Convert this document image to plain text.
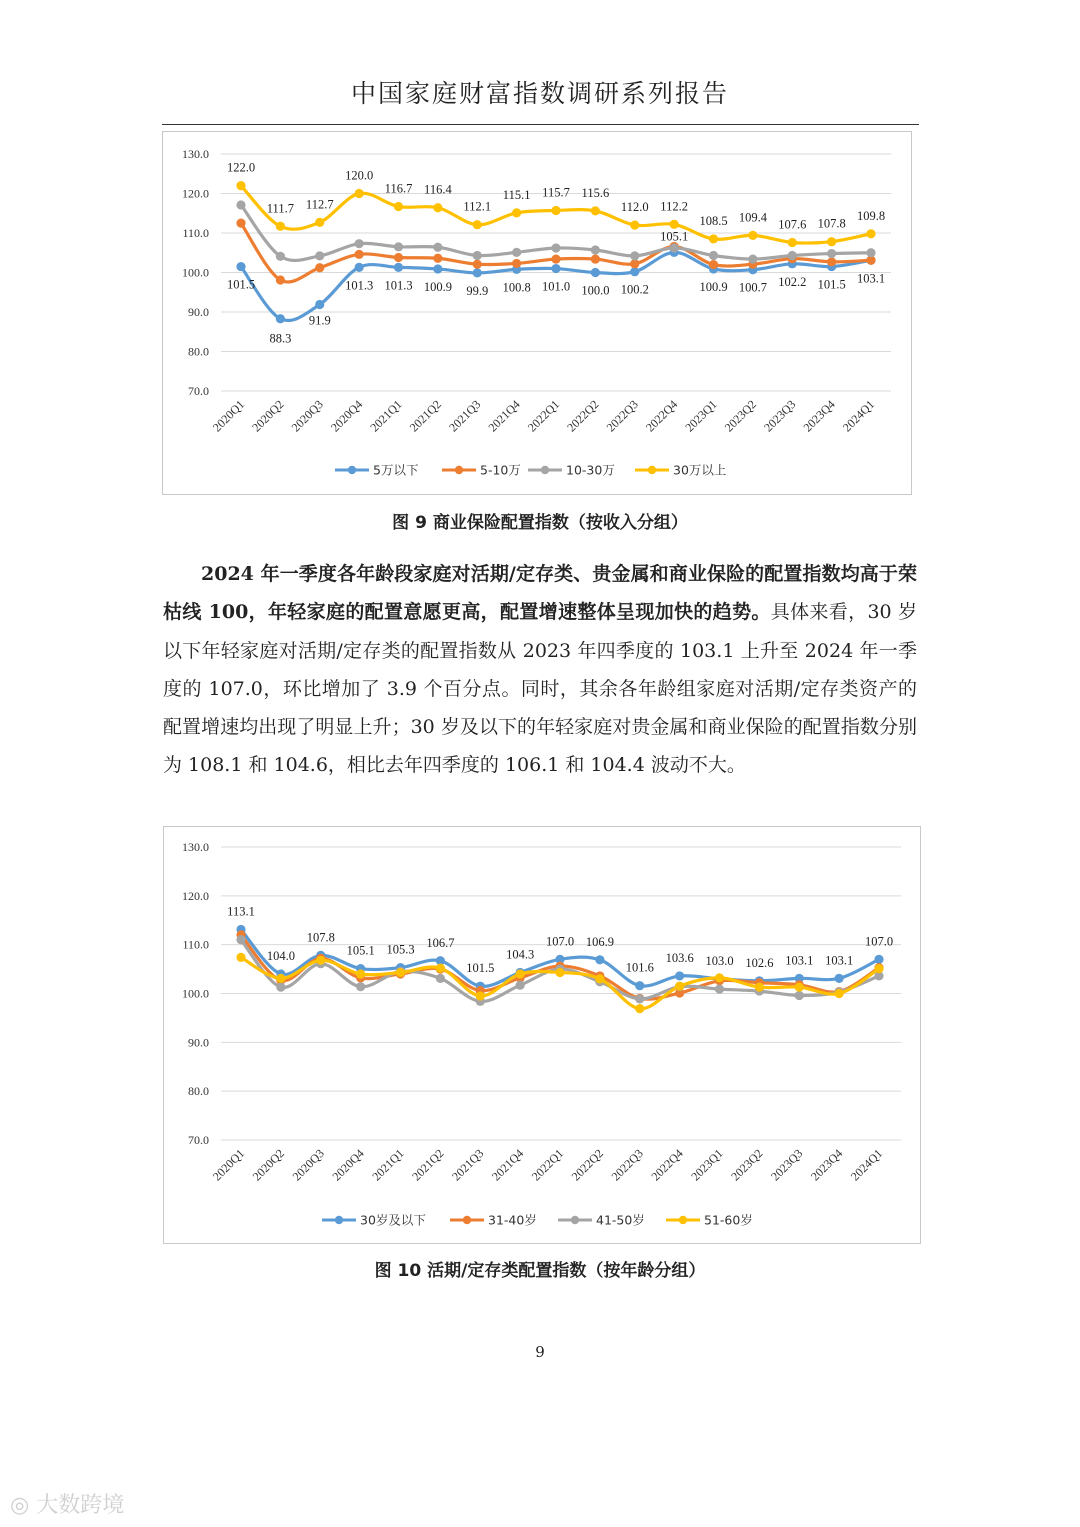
中国家庭财富指数调研系列报告
130.0
120.0
110.0
100.0
90.0
80.0
70.0
2020Q1 2020Q2 2020Q3 2020Q4 2021Q1 2021Q2 2021Q3 2021Q4 2022Q1 2022Q2 2022Q3 2022Q4 2023Q1 2023Q2 2023Q3 2023Q4 2024Q1
101.5
88.3
91.9
101.3 101.3 100.9 99.9 100.8 101.0 100.0 100.2
105.1
100.9 100.7 102.2 101.5 103.1
122.0
111.7 112.7
120.0
116.7 116.4
112.1
115.1 115.7 115.6
112.0 112.2
108.5 109.4
107.6 107.8
109.8
5万以下	5-10万	10-30万	30万以上
图 9 商业保险配置指数（按收入分组）
2024 年一季度各年龄段家庭对活期/定存类、贵金属和商业保险的配置指数均高于荣枯线 100，年轻家庭的配置意愿更高，配置增速整体呈现加快的趋势。具体来看，30 岁以下年轻家庭对活期/定存类的配置指数从 2023 年四季度的 103.1 上升至 2024 年一季度的 107.0，环比增加了 3.9 个百分点。同时，其余各年龄组家庭对活期/定存类资产的配置增速均出现了明显上升；30 岁及以下的年轻家庭对贵金属和商业保险的配置指数分别为 108.1 和 104.6，相比去年四季度的 106.1 和 104.4 波动不大。
130.0
120.0
110.0
100.0
90.0
80.0
70.0
2020Q1 2020Q2 2020Q3 2020Q4 2021Q1 2021Q2 2021Q3 2021Q4 2022Q1 2022Q2 2022Q3 2022Q4 2023Q1 2023Q2 2023Q3 2023Q4 2024Q1
113.1
104.0
107.8
105.1 105.3 106.7
101.5
104.3
107.0 106.9
101.6
103.6 103.0 102.6 103.1 103.1
107.0
30岁及以下	31-40岁	41-50岁	51-60岁
图 10 活期/定存类配置指数（按年龄分组）
9
◎ 大数跨境
